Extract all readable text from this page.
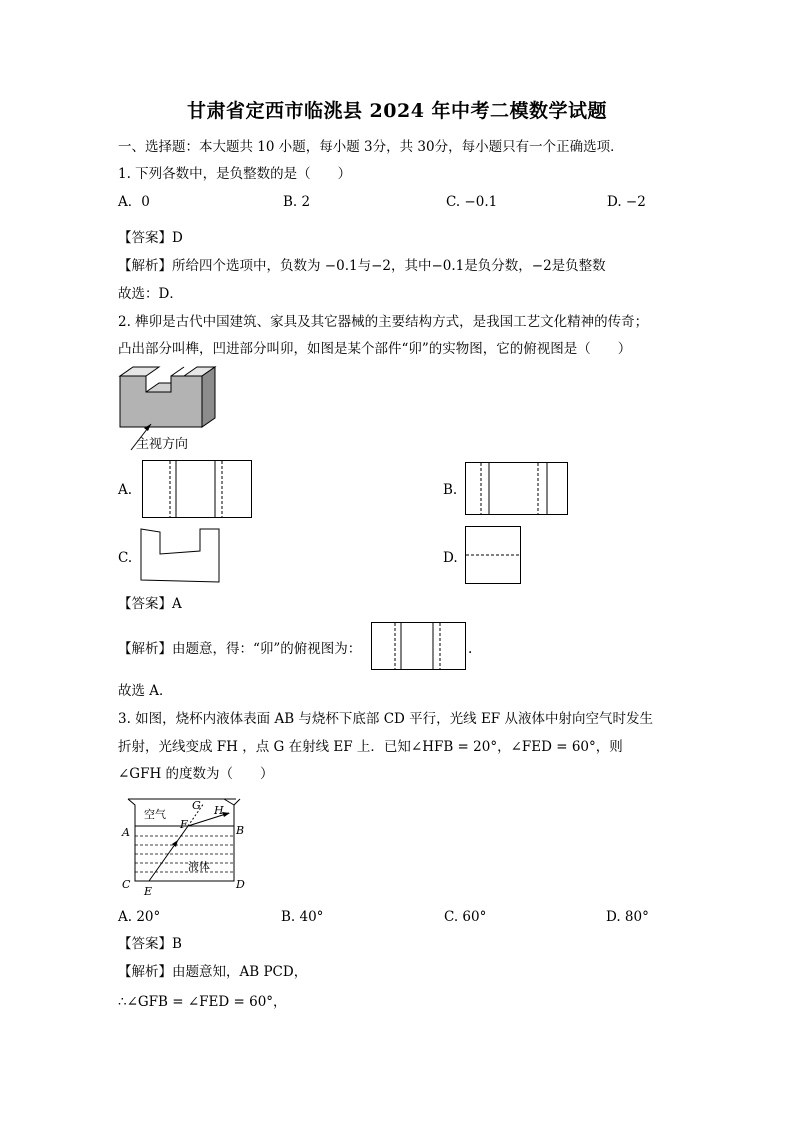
甘肃省定西市临洮县 2024 年中考二模数学试题
一、选择题：本大题共 10 小题，每小题 3分，共 30分，每小题只有一个正确选项．
1. 下列各数中，是负整数的是（　　）
A．0	B. 2	C. −0.1	D. −2
【答案】D
【解析】所给四个选项中，负数为 −0.1与−2，其中−0.1是负分数，−2是负整数
故选：D．
2. 榫卯是古代中国建筑、家具及其它器械的主要结构方式，是我国工艺文化精神的传奇；
凸出部分叫榫，凹进部分叫卯，如图是某个部件“卯”的实物图，它的俯视图是（　　）
主视方向
A.	B.
C.	D.
【答案】A
【解析】由题意，得：“卯”的俯视图为：	.
故选 A．
3. 如图，烧杯内液体表面 AB 与烧杯下底部 CD 平行，光线 EF 从液体中射向空气时发生
折射，光线变成 FH ，点 G 在射线 EF 上．已知∠HFB = 20°，∠FED = 60°，则
∠GFH 的度数为（　　）
空气
液体
A	B
C	D
E
F
G H
A. 20°	B. 40°	C. 60°	D. 80°
【答案】B
【解析】由题意知，AB PCD，
∴∠GFB = ∠FED = 60°，
